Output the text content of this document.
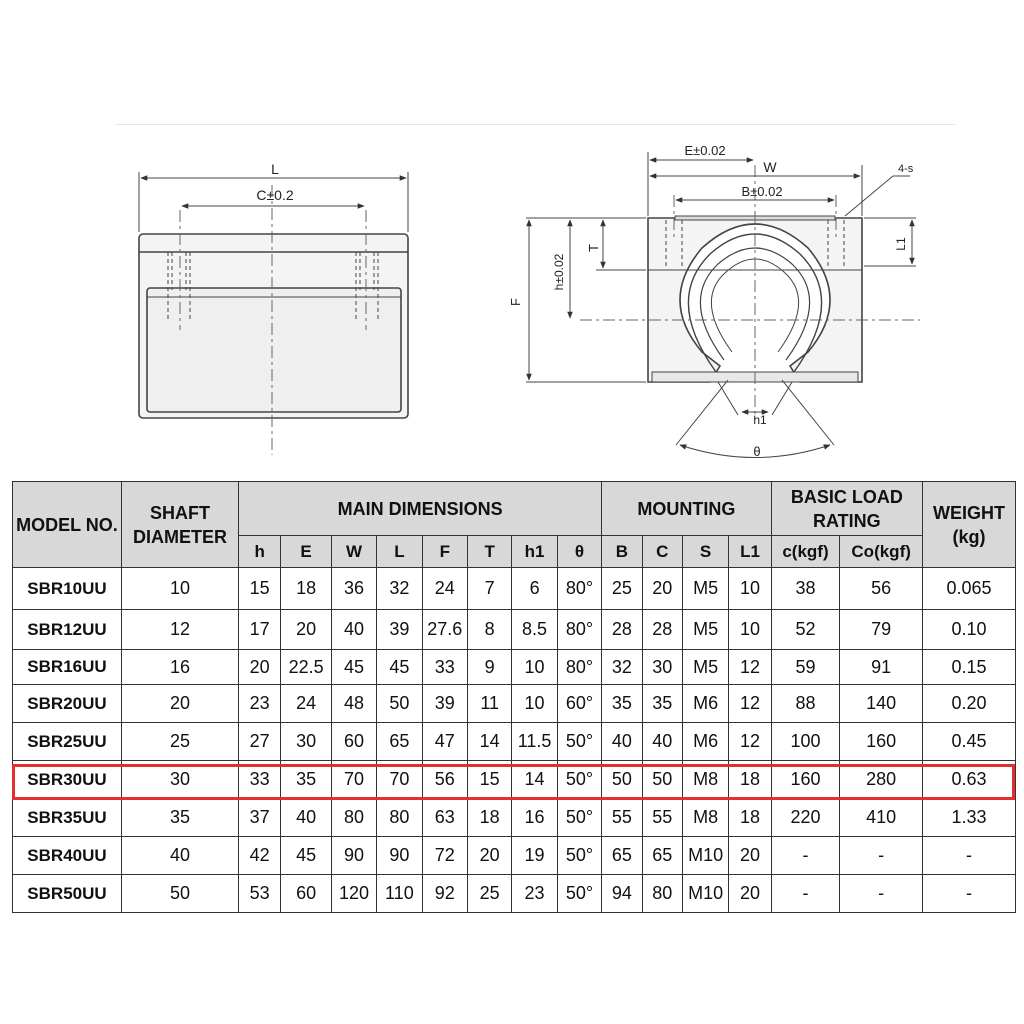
L
C±0.2
E±0.02
W
B±0.02
4-s
T
h±0.02
F
L1
h1
θ
MODEL NO.	SHAFT DIAMETER	MAIN DIMENSIONS								MOUNTING				BASIC LOAD RATING		WEIGHT (kg)
		h	E	W	L	F	T	h1	θ	B	C	S	L1	c(kgf)	Co(kgf)	
SBR10UU	10	15	18	36	32	24	7	6	80°	25	20	M5	10	38	56	0.065
SBR12UU	12	17	20	40	39	27.6	8	8.5	80°	28	28	M5	10	52	79	0.10
SBR16UU	16	20	22.5	45	45	33	9	10	80°	32	30	M5	12	59	91	0.15
SBR20UU	20	23	24	48	50	39	11	10	60°	35	35	M6	12	88	140	0.20
SBR25UU	25	27	30	60	65	47	14	11.5	50°	40	40	M6	12	100	160	0.45
SBR30UU	30	33	35	70	70	56	15	14	50°	50	50	M8	18	160	280	0.63
SBR35UU	35	37	40	80	80	63	18	16	50°	55	55	M8	18	220	410	1.33
SBR40UU	40	42	45	90	90	72	20	19	50°	65	65	M10	20	-	-	-
SBR50UU	50	53	60	120	110	92	25	23	50°	94	80	M10	20	-	-	-
